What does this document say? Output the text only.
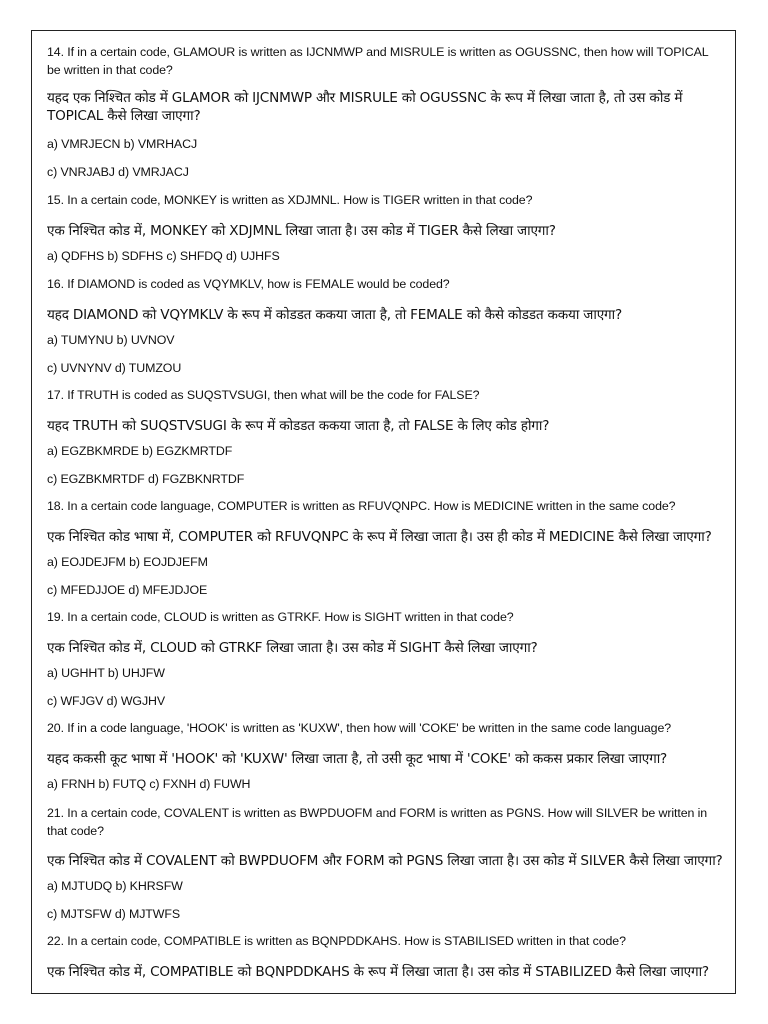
14. If in a certain code, GLAMOUR is written as IJCNMWP and MISRULE is written as OGUSSNC, then how will TOPICAL be written in that code?
यहद एक निश्चित कोड में GLAMOR को IJCNMWP और MISRULE को OGUSSNC के रूप में लिखा जाता है, तो उस कोड में TOPICAL कैसे लिखा जाएगा?
a) VMRJECN b) VMRHACJ
c) VNRJABJ d) VMRJACJ
15. In a certain code, MONKEY is written as XDJMNL. How is TIGER written in that code?
एक निश्चित कोड में, MONKEY को XDJMNL लिखा जाता है। उस कोड में TIGER कैसे लिखा जाएगा?
a) QDFHS b) SDFHS c) SHFDQ d) UJHFS
16. If DIAMOND is coded as VQYMKLV, how is FEMALE would be coded?
यहद DIAMOND को VQYMKLV के रूप में कोडडत ककया जाता है, तो FEMALE को कैसे कोडडत ककया जाएगा?
a) TUMYNU b) UVNOV
c) UVNYNV d) TUMZOU
17. If TRUTH is coded as SUQSTVSUGI, then what will be the code for FALSE?
यहद TRUTH को SUQSTVSUGI के रूप में कोडडत ककया जाता है, तो FALSE के लिए कोड होगा?
a) EGZBKMRDE b) EGZKMRTDF
c) EGZBKMRTDF d) FGZBKNRTDF
18. In a certain code language, COMPUTER is written as RFUVQNPC. How is MEDICINE written in the same code?
एक निश्चित कोड भाषा में, COMPUTER को RFUVQNPC के रूप में लिखा जाता है। उस ही कोड में MEDICINE कैसे लिखा जाएगा?
a) EOJDEJFM b) EOJDJEFM
c) MFEDJJOE d) MFEJDJOE
19. In a certain code, CLOUD is written as GTRKF. How is SIGHT written in that code?
एक निश्चित कोड में, CLOUD को GTRKF लिखा जाता है। उस कोड में SIGHT कैसे लिखा जाएगा?
a) UGHHT b) UHJFW
c) WFJGV d) WGJHV
20. If in a code language, 'HOOK' is written as 'KUXW', then how will 'COKE' be written in the same code language?
यहद ककसी कूट भाषा में 'HOOK' को 'KUXW' लिखा जाता है, तो उसी कूट भाषा में 'COKE' को ककस प्रकार लिखा जाएगा?
a) FRNH b) FUTQ c) FXNH d) FUWH
21. In a certain code, COVALENT is written as BWPDUOFM and FORM is written as PGNS. How will SILVER be written in that code?
एक निश्चित कोड में COVALENT को BWPDUOFM और FORM को PGNS लिखा जाता है। उस कोड में SILVER कैसे लिखा जाएगा?
a) MJTUDQ b) KHRSFW
c) MJTSFW d) MJTWFS
22. In a certain code, COMPATIBLE is written as BQNPDDKAHS. How is STABILISED written in that code?
एक निश्चित कोड में, COMPATIBLE को BQNPDDKAHS के रूप में लिखा जाता है। उस कोड में STABILIZED कैसे लिखा जाएगा?
